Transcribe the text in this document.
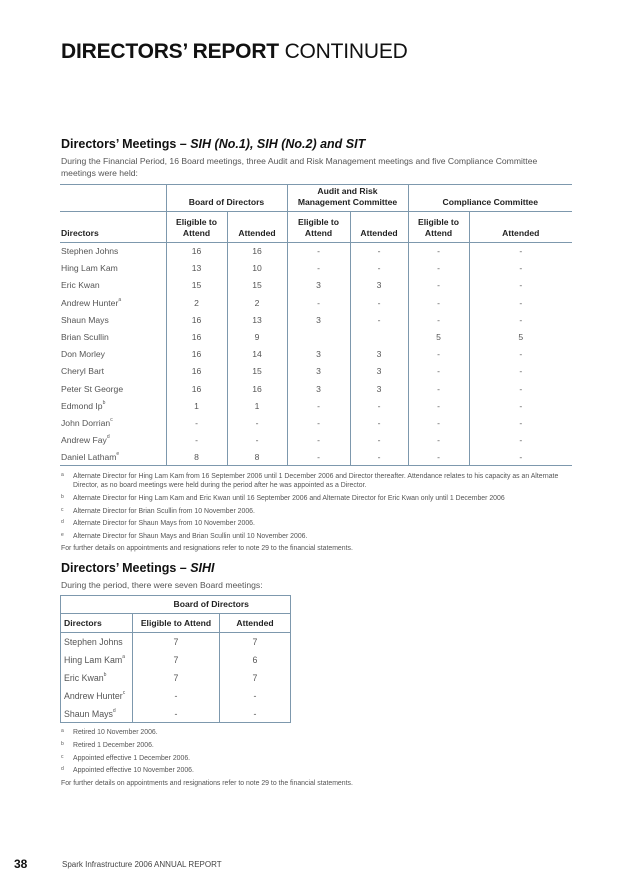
DIRECTORS’ REPORT CONTINUED
Directors’ Meetings – SIH (No.1), SIH (No.2) and SIT
During the Financial Period, 16 Board meetings, three Audit and Risk Management meetings and five Compliance Committee meetings were held:
	Board of Directors		Audit and Risk Management Committee		Compliance Committee	
Directors	Eligible to Attend	Attended	Eligible to Attend	Attended	Eligible to Attend	Attended
Stephen Johns	16	16	-	-	-	-
Hing Lam Kam	13	10	-	-	-	-
Eric Kwan	15	15	3	3	-	-
Andrew Hunter$^a$	2	2	-	-	-	-
Shaun Mays	16	13	3	-	-	-
Brian Scullin	16	9			5	5
Don Morley	16	14	3	3	-	-
Cheryl Bart	16	15	3	3	-	-
Peter St George	16	16	3	3	-	-
Edmond Ip$^b$	1	1	-	-	-	-
John Dorrian$^c$	-	-	-	-	-	-
Andrew Fay$^d$	-	-	-	-	-	-
Daniel Latham$^e$	8	8	-	-	-	-
a Alternate Director for Hing Lam Kam from 16 September 2006 until 1 December 2006 and Director thereafter. Attendance relates to his capacity as an Alternate Director, as no board meetings were held during the period after he was appointed as a Director.
b Alternate Director for Hing Lam Kam and Eric Kwan until 16 September 2006 and Alternate Director for Eric Kwan only until 1 December 2006
c Alternate Director for Brian Scullin from 10 November 2006.
d Alternate Director for Shaun Mays from 10 November 2006.
e Alternate Director for Shaun Mays and Brian Scullin until 10 November 2006.
For further details on appointments and resignations refer to note 29 to the financial statements.
Directors’ Meetings – SIHI
During the period, there were seven Board meetings:
	Board of Directors	
Directors	Eligible to Attend	Attended
Stephen Johns	7	7
Hing Lam Kam$^a$	7	6
Eric Kwan$^b$	7	7
Andrew Hunter$^c$	-	-
Shaun Mays$^d$	-	-
a Retired 10 November 2006.
b Retired 1 December 2006.
c Appointed effective 1 December 2006.
d Appointed effective 10 November 2006.
For further details on appointments and resignations refer to note 29 to the financial statements.
38	Spark Infrastructure 2006 ANNUAL REPORT
